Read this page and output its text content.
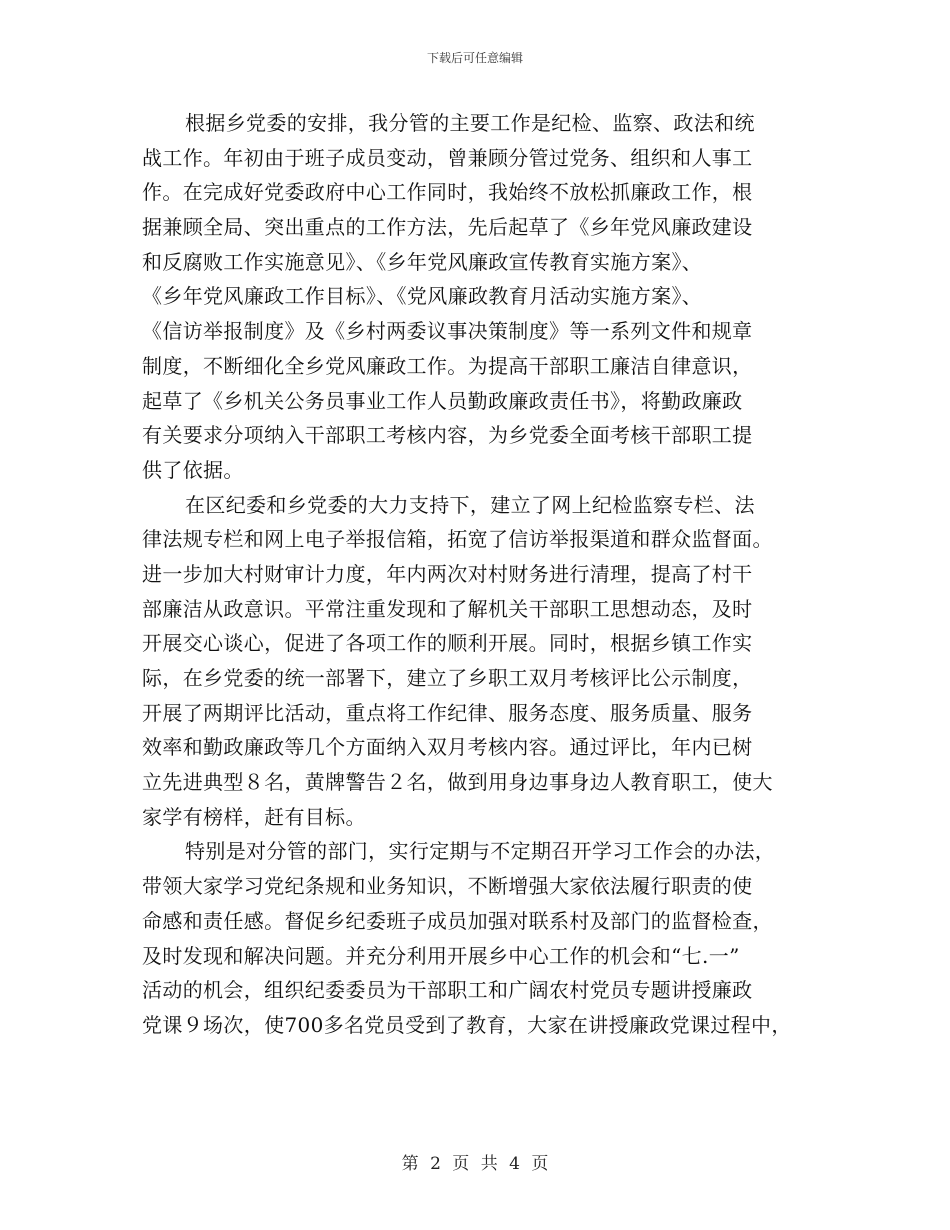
下载后可任意编辑
根据乡党委的安排，我分管的主要工作是纪检、监察、政法和统
战工作。年初由于班子成员变动，曾兼顾分管过党务、组织和人事工
作。在完成好党委政府中心工作同时，我始终不放松抓廉政工作，根
据兼顾全局、突出重点的工作方法，先后起草了《乡年党风廉政建设
和反腐败工作实施意见》、《乡年党风廉政宣传教育实施方案》、
《乡年党风廉政工作目标》、《党风廉政教育月活动实施方案》、
《信访举报制度》及《乡村两委议事决策制度》等一系列文件和规章
制度，不断细化全乡党风廉政工作。为提高干部职工廉洁自律意识，
起草了《乡机关公务员事业工作人员勤政廉政责任书》，将勤政廉政
有关要求分项纳入干部职工考核内容，为乡党委全面考核干部职工提
供了依据。
在区纪委和乡党委的大力支持下，建立了网上纪检监察专栏、法
律法规专栏和网上电子举报信箱，拓宽了信访举报渠道和群众监督面。
进一步加大村财审计力度，年内两次对村财务进行清理，提高了村干
部廉洁从政意识。平常注重发现和了解机关干部职工思想动态，及时
开展交心谈心，促进了各项工作的顺利开展。同时，根据乡镇工作实
际，在乡党委的统一部署下，建立了乡职工双月考核评比公示制度，
开展了两期评比活动，重点将工作纪律、服务态度、服务质量、服务
效率和勤政廉政等几个方面纳入双月考核内容。通过评比，年内已树
立先进典型８名，黄牌警告２名，做到用身边事身边人教育职工，使大
家学有榜样，赶有目标。
特别是对分管的部门，实行定期与不定期召开学习工作会的办法，
带领大家学习党纪条规和业务知识，不断增强大家依法履行职责的使
命感和责任感。督促乡纪委班子成员加强对联系村及部门的监督检查，
及时发现和解决问题。并充分利用开展乡中心工作的机会和“七.一”
活动的机会，组织纪委委员为干部职工和广阔农村党员专题讲授廉政
党课９场次，使700多名党员受到了教育，大家在讲授廉政党课过程中，
第 2 页 共 4 页
